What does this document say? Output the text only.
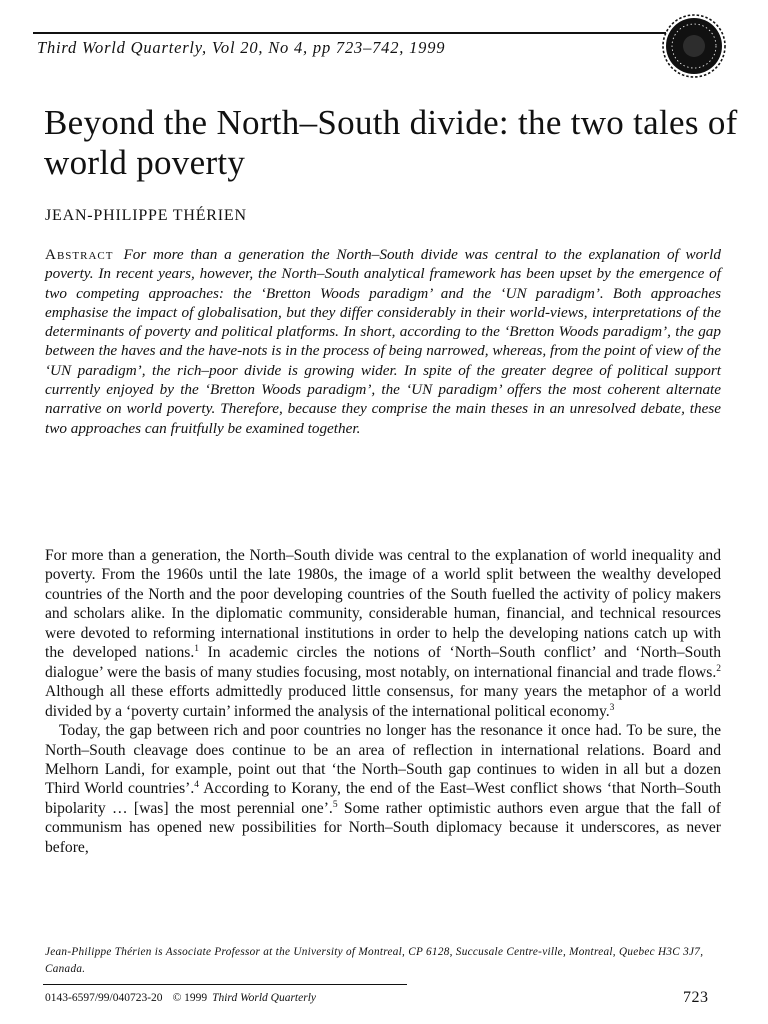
Third World Quarterly, Vol 20, No 4, pp 723–742, 1999
Beyond the North–South divide: the two tales of world poverty
JEAN-PHILIPPE THÉRIEN

Abstract For more than a generation the North–South divide was central to the explanation of world poverty. In recent years, however, the North–South analytical framework has been upset by the emergence of two competing approaches: the ‘Bretton Woods paradigm’ and the ‘UN paradigm’. Both approaches emphasise the impact of globalisation, but they differ considerably in their world-views, interpretations of the determinants of poverty and political platforms. In short, according to the ‘Bretton Woods paradigm’, the gap between the haves and the have-nots is in the process of being narrowed, whereas, from the point of view of the ‘UN paradigm’, the rich–poor divide is growing wider. In spite of the greater degree of political support currently enjoyed by the ‘Bretton Woods paradigm’, the ‘UN paradigm’ offers the most coherent alternate narrative on world poverty. Therefore, because they comprise the main theses in an unresolved debate, these two approaches can fruitfully be examined together.

For more than a generation, the North–South divide was central to the explanation of world inequality and poverty. From the 1960s until the late 1980s, the image of a world split between the wealthy developed countries of the North and the poor developing countries of the South fuelled the activity of policy makers and scholars alike. In the diplomatic community, considerable human, financial, and technical resources were devoted to reforming international institutions in order to help the developing nations catch up with the developed nations.$^1$ In academic circles the notions of ‘North–South conflict’ and ‘North–South dialogue’ were the basis of many studies focusing, most notably, on international financial and trade flows.$^2$ Although all these efforts admittedly produced little consensus, for many years the metaphor of a world divided by a ‘poverty curtain’ informed the analysis of the international political economy.$^3$

Today, the gap between rich and poor countries no longer has the resonance it once had. To be sure, the North–South cleavage does continue to be an area of reflection in international relations. Board and Melhorn Landi, for example, point out that ‘the North–South gap continues to widen in all but a dozen Third World countries’.$^4$ According to Korany, the end of the East–West conflict shows ‘that North–South bipolarity … [was] the most perennial one’.$^5$ Some rather optimistic authors even argue that the fall of communism has opened new possibilities for North–South diplomacy because it underscores, as never before,

Jean-Philippe Thérien is Associate Professor at the University of Montreal, CP 6128, Succusale Centre-ville, Montreal, Quebec H3C 3J7, Canada.

0143-6597/99/040723-20 © 1999 Third World Quarterly	723
